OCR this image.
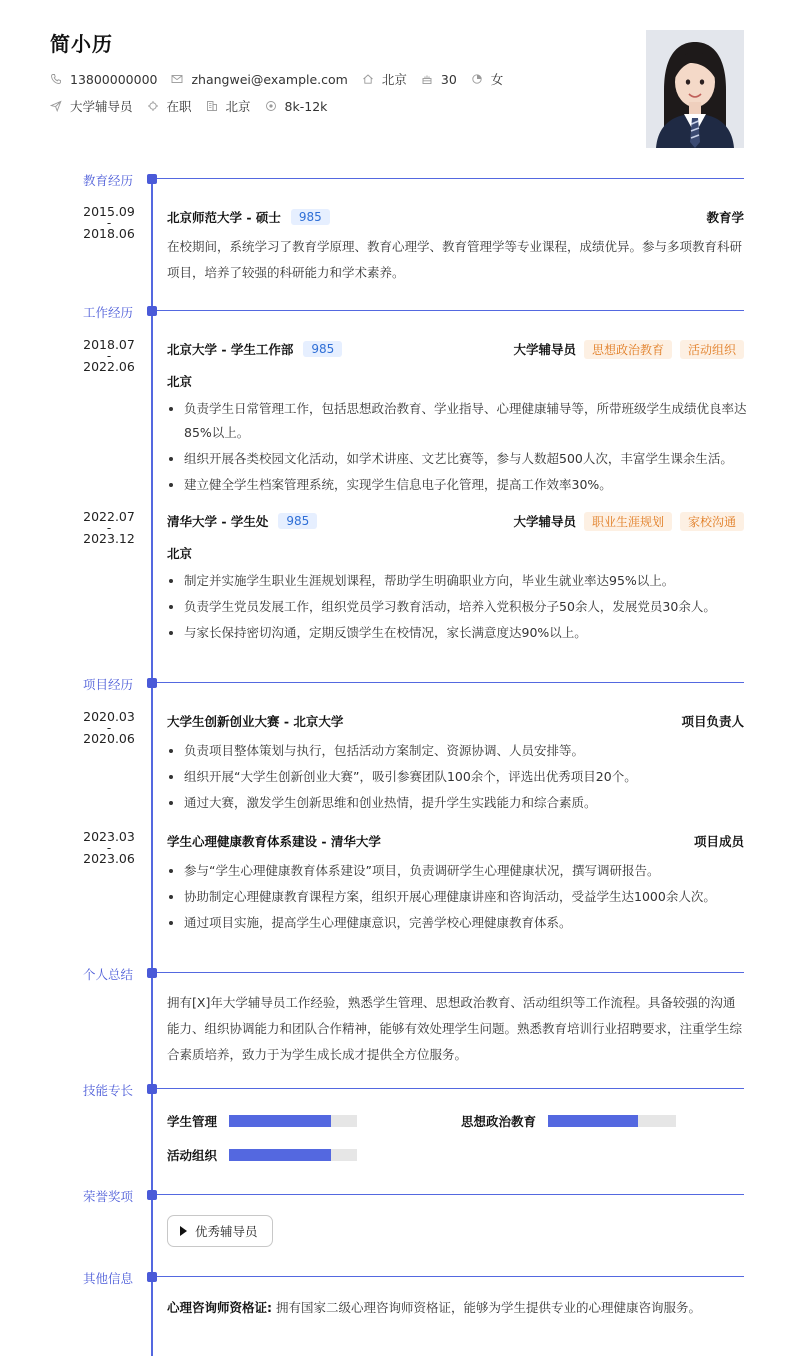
简小历
13800000000	zhangwei@example.com	北京	30	女
大学辅导员	在职	北京	8k-12k
教育经历
2015.09
-
2018.06
北京师范大学 - 硕士	985	教育学
在校期间，系统学习了教育学原理、教育心理学、教育管理学等专业课程，成绩优异。参与多项教育科研项目，培养了较强的科研能力和学术素养。
工作经历
2018.07
-
2022.06
北京大学 - 学生工作部	985	大学辅导员	思想政治教育	活动组织
北京
负责学生日常管理工作，包括思想政治教育、学业指导、心理健康辅导等，所带班级学生成绩优良率达85%以上。
组织开展各类校园文化活动，如学术讲座、文艺比赛等，参与人数超500人次，丰富学生课余生活。
建立健全学生档案管理系统，实现学生信息电子化管理，提高工作效率30%。
2022.07
-
2023.12
清华大学 - 学生处	985	大学辅导员	职业生涯规划	家校沟通
北京
制定并实施学生职业生涯规划课程，帮助学生明确职业方向，毕业生就业率达95%以上。
负责学生党员发展工作，组织党员学习教育活动，培养入党积极分子50余人，发展党员30余人。
与家长保持密切沟通，定期反馈学生在校情况，家长满意度达90%以上。
项目经历
2020.03
-
2020.06
大学生创新创业大赛 - 北京大学	项目负责人
负责项目整体策划与执行，包括活动方案制定、资源协调、人员安排等。
组织开展“大学生创新创业大赛”，吸引参赛团队100余个，评选出优秀项目20个。
通过大赛，激发学生创新思维和创业热情，提升学生实践能力和综合素质。
2023.03
-
2023.06
学生心理健康教育体系建设 - 清华大学	项目成员
参与“学生心理健康教育体系建设”项目，负责调研学生心理健康状况，撰写调研报告。
协助制定心理健康教育课程方案，组织开展心理健康讲座和咨询活动，受益学生达1000余人次。
通过项目实施，提高学生心理健康意识，完善学校心理健康教育体系。
个人总结
拥有[X]年大学辅导员工作经验，熟悉学生管理、思想政治教育、活动组织等工作流程。具备较强的沟通能力、组织协调能力和团队合作精神，能够有效处理学生问题。熟悉教育培训行业招聘要求，注重学生综合素质培养，致力于为学生成长成才提供全方位服务。
技能专长
学生管理	思想政治教育
活动组织
荣誉奖项
优秀辅导员
其他信息
心理咨询师资格证: 拥有国家二级心理咨询师资格证，能够为学生提供专业的心理健康咨询服务。
